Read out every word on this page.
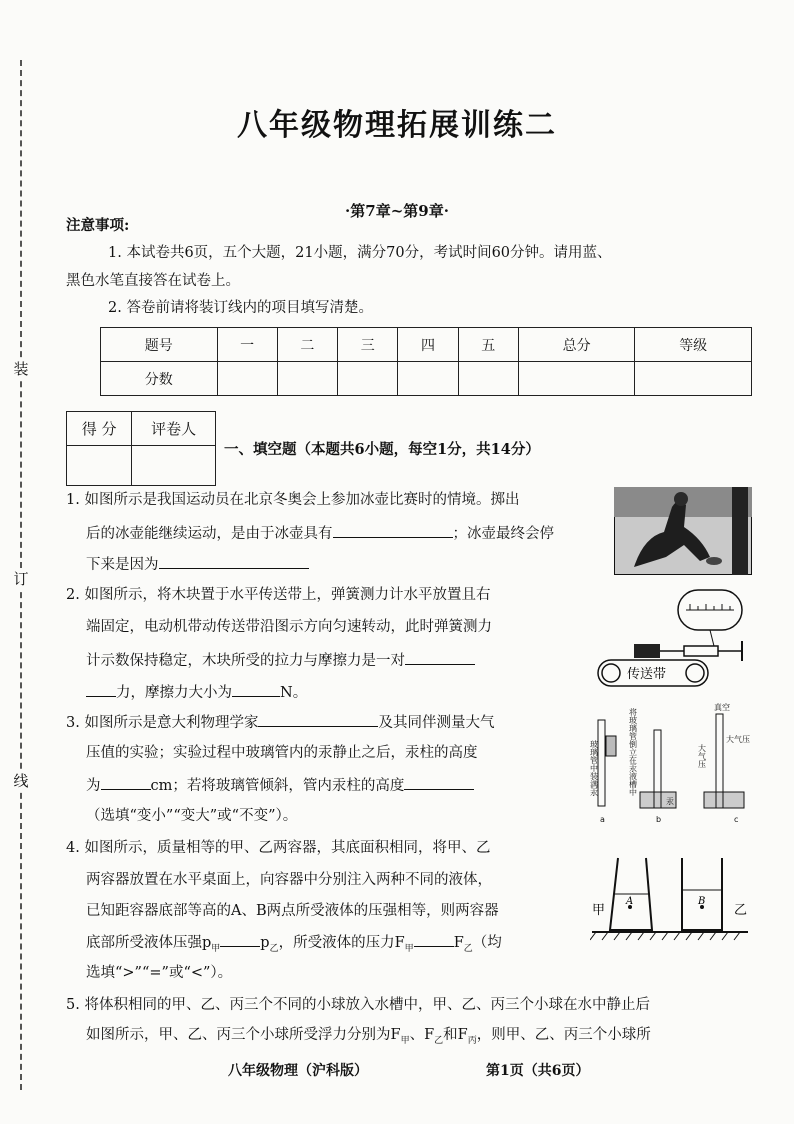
装
订
线
八年级物理拓展训练二
·第7章~第9章·
注意事项:
1. 本试卷共6页，五个大题，21小题，满分70分，考试时间60分钟。请用蓝、
黑色水笔直接答在试卷上。
2. 答卷前请将装订线内的项目填写清楚。
题号	一	二	三	四	五	总分	等级
分数							
得 分	评卷人

一、填空题（本题共6小题，每空1分，共14分）
1. 如图所示是我国运动员在北京冬奥会上参加冰壶比赛时的情境。掷出
后的冰壶能继续运动，是由于冰壶具有	；冰壶最终会停
下来是因为
2. 如图所示，将木块置于水平传送带上，弹簧测力计水平放置且右
端固定，电动机带动传送带沿图示方向匀速转动，此时弹簧测力
计示数保持稳定，木块所受的拉力与摩擦力是一对
力，摩擦力大小为	N。
传送带
3. 如图所示是意大利物理学家	及其同伴测量大气
压值的实验；实验过程中玻璃管内的汞静止之后，汞柱的高度
为	cm；若将玻璃管倾斜，管内汞柱的高度
（选填“变小”“变大”或“不变”）。
玻璃管中装满汞
a
将玻璃管倒立在汞液槽中
汞
b
真空
大气压
大气压
c
4. 如图所示，质量相等的甲、乙两容器，其底面积相同，将甲、乙
两容器放置在水平桌面上，向容器中分别注入两种不同的液体，
已知距容器底部等高的A、B两点所受液体的压强相等，则两容器
底部所受液体压强$p_甲$	$p_乙$，所受液体的压力$F_甲$	$F_乙$（均
选填“>”“=”或“<”）。
甲
A	B
乙
5. 将体积相同的甲、乙、丙三个不同的小球放入水槽中，甲、乙、丙三个小球在水中静止后
如图所示，甲、乙、丙三个小球所受浮力分别为$F_甲$、$F_乙$和$F_丙$，则甲、乙、丙三个小球所
八年级物理（沪科版）	第1页（共6页）
